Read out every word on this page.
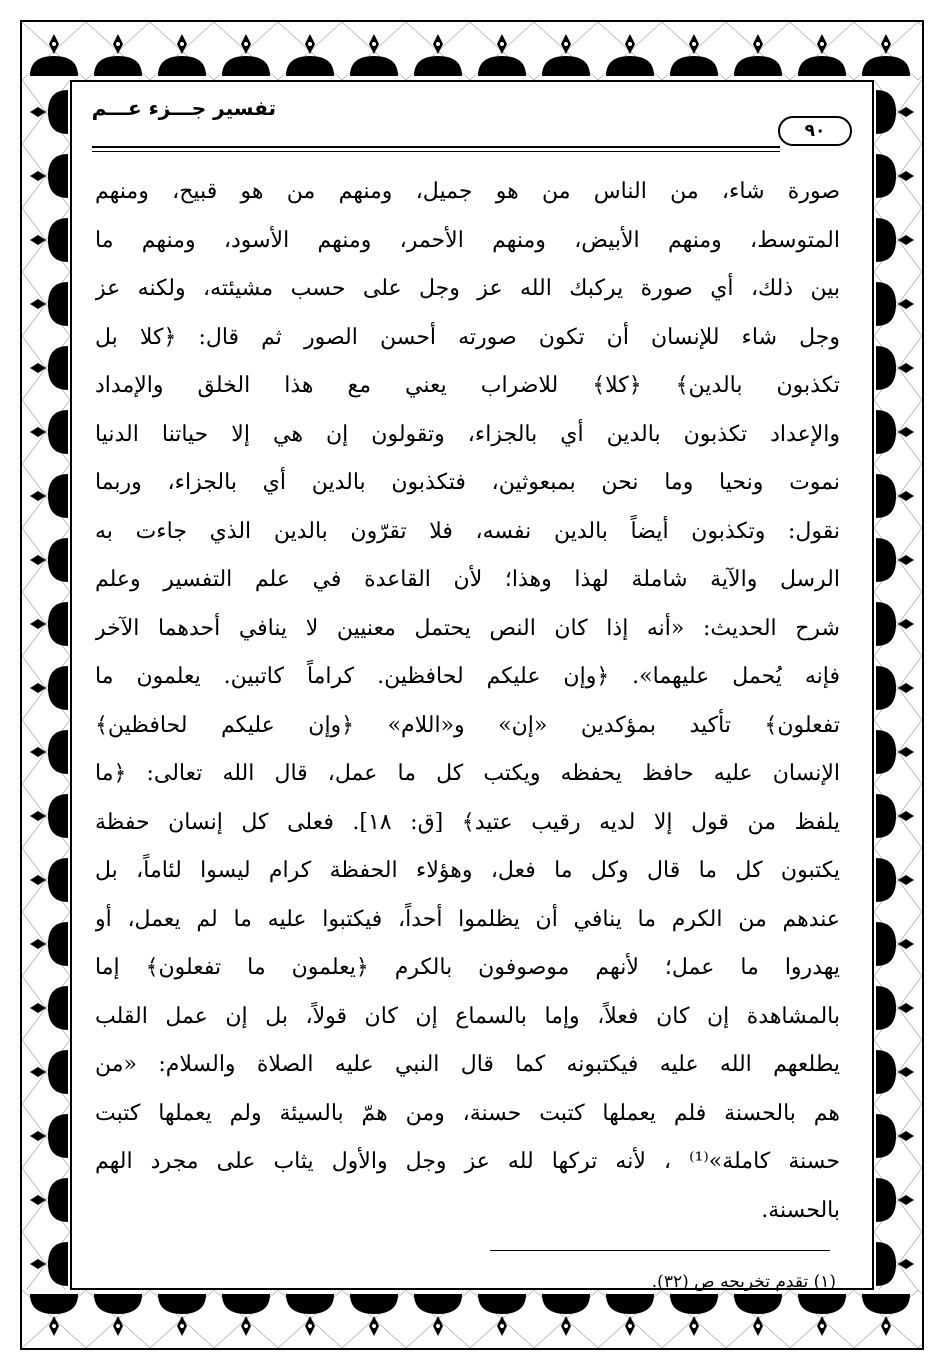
تفسير جـــزء عـــم
٩٠
صورة شاء، من الناس من هو جميل، ومنهم من هو قبيح، ومنهم
المتوسط، ومنهم الأبيض، ومنهم الأحمر، ومنهم الأسود، ومنهم ما
بين ذلك، أي صورة يركبك الله عز وجل على حسب مشيئته، ولكنه عز
وجل شاء للإنسان أن تكون صورته أحسن الصور ثم قال: ﴿كلا بل
تكذبون بالدين﴾ ﴿كلا﴾ للاضراب يعني مع هذا الخلق والإمداد
والإعداد تكذبون بالدين أي بالجزاء، وتقولون إن هي إلا حياتنا الدنيا
نموت ونحيا وما نحن بمبعوثين، فتكذبون بالدين أي بالجزاء، وربما
نقول: وتكذبون أيضاً بالدين نفسه، فلا تقرّون بالدين الذي جاءت به
الرسل والآية شاملة لهذا وهذا؛ لأن القاعدة في علم التفسير وعلم
شرح الحديث: «أنه إذا كان النص يحتمل معنيين لا ينافي أحدهما الآخر
فإنه يُحمل عليهما». ﴿وإن عليكم لحافظين. كراماً كاتبين. يعلمون ما
تفعلون﴾ تأكيد بمؤكدين «إن» و«اللام» ﴿وإن عليكم لحافظين﴾
الإنسان عليه حافظ يحفظه ويكتب كل ما عمل، قال الله تعالى: ﴿ما
يلفظ من قول إلا لديه رقيب عتيد﴾ [ق: ١٨]. فعلى كل إنسان حفظة
يكتبون كل ما قال وكل ما فعل، وهؤلاء الحفظة كرام ليسوا لئاماً، بل
عندهم من الكرم ما ينافي أن يظلموا أحداً، فيكتبوا عليه ما لم يعمل، أو
يهدروا ما عمل؛ لأنهم موصوفون بالكرم ﴿يعلمون ما تفعلون﴾ إما
بالمشاهدة إن كان فعلاً، وإما بالسماع إن كان قولاً، بل إن عمل القلب
يطلعهم الله عليه فيكتبونه كما قال النبي عليه الصلاة والسلام: «من
هم بالحسنة فلم يعملها كتبت حسنة، ومن همّ بالسيئة ولم يعملها كتبت
حسنة كاملة»⁽¹⁾ ، لأنه تركها لله عز وجل والأول يثاب على مجرد الهم
بالحسنة.
(١) تقدم تخريجه ص (٣٢).
